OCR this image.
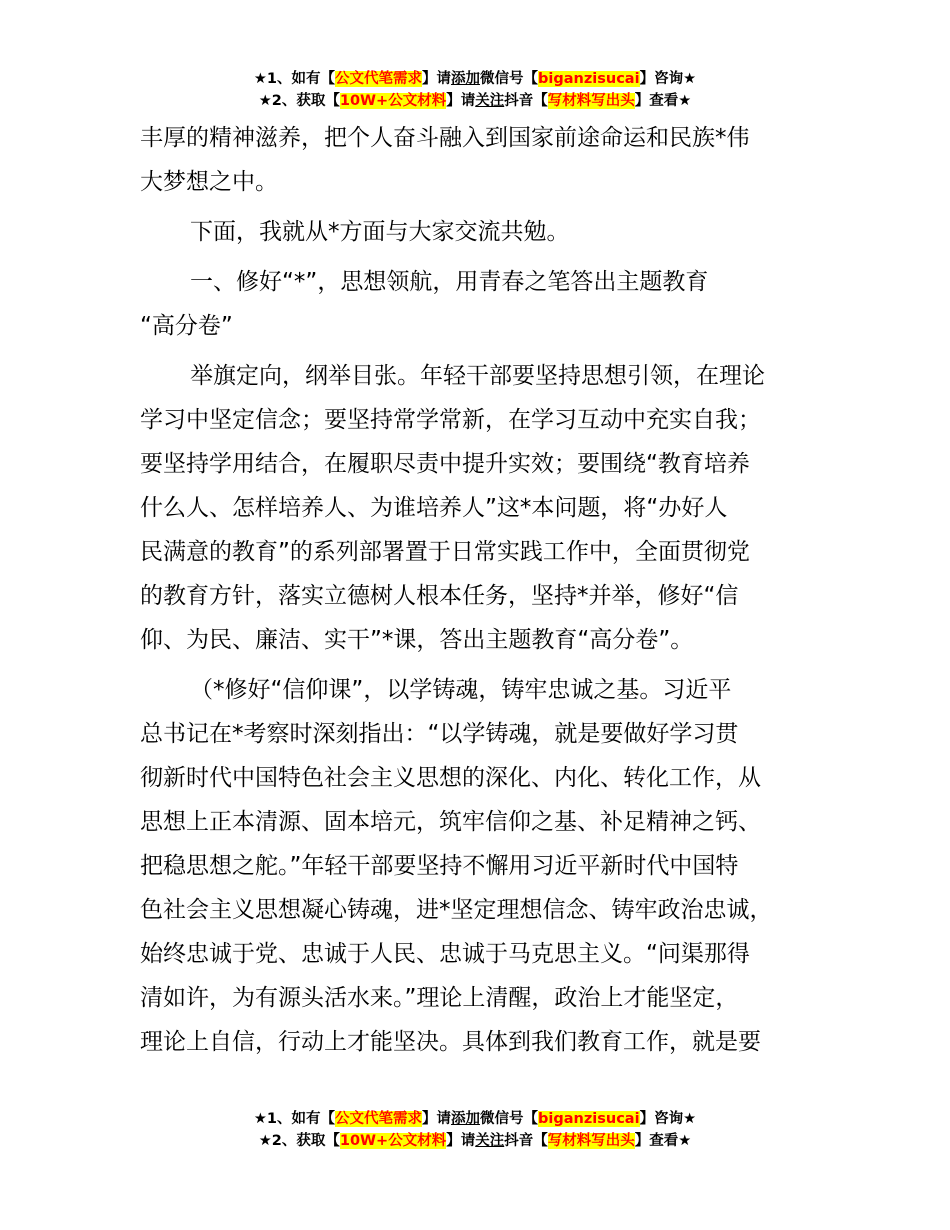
★1、如有【公文代笔需求】请添加微信号【biganzisucai】咨询★
★2、获取【10W+公文材料】请关注抖音【写材料写出头】查看★

丰厚的精神滋养，把个人奋斗融入到国家前途命运和民族*伟

大梦想之中。

下面，我就从*方面与大家交流共勉。

一、修好“*”，思想领航，用青春之笔答出主题教育

“高分卷”

举旗定向，纲举目张。年轻干部要坚持思想引领，在理论

学习中坚定信念；要坚持常学常新，在学习互动中充实自我；

要坚持学用结合，在履职尽责中提升实效；要围绕“教育培养

什么人、怎样培养人、为谁培养人”这*本问题，将“办好人

民满意的教育”的系列部署置于日常实践工作中，全面贯彻党

的教育方针，落实立德树人根本任务，坚持*并举，修好“信

仰、为民、廉洁、实干”*课，答出主题教育“高分卷”。

（*修好“信仰课”，以学铸魂，铸牢忠诚之基。习近平

总书记在*考察时深刻指出：“以学铸魂，就是要做好学习贯

彻新时代中国特色社会主义思想的深化、内化、转化工作，从

思想上正本清源、固本培元，筑牢信仰之基、补足精神之钙、

把稳思想之舵。”年轻干部要坚持不懈用习近平新时代中国特

色社会主义思想凝心铸魂，进*坚定理想信念、铸牢政治忠诚，

始终忠诚于党、忠诚于人民、忠诚于马克思主义。“问渠那得

清如许，为有源头活水来。”理论上清醒，政治上才能坚定，

理论上自信，行动上才能坚决。具体到我们教育工作，就是要

★1、如有【公文代笔需求】请添加微信号【biganzisucai】咨询★
★2、获取【10W+公文材料】请关注抖音【写材料写出头】查看★
